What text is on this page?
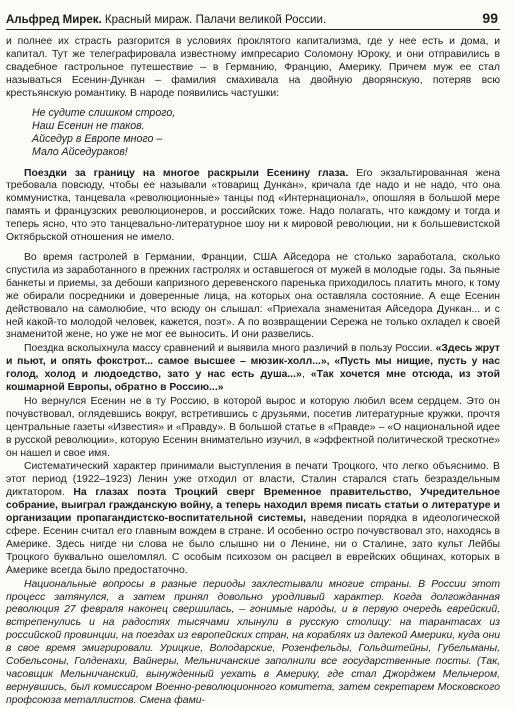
Альфред Мирек. Красный мираж. Палачи великой России.	99

и полнее их страсть разгорится в условиях проклятого капитализма, где у нее есть и дома, и капитал. Тут же телеграфировала известному импресарио Соломону Юроку, и они отправились в свадебное гастрольное путешествие – в Германию, Францию, Америку. Причем муж ее стал называться Есенин-Дункан – фамилия смахивала на двойную дворянскую, потеряв всю крестьянскую романтику. В народе появились частушки:

Не судите слишком строго,
Наш Есенин не таков.
Айседур в Европе много –
Мало Айседураков!

Поездки за границу на многое раскрыли Есенину глаза. Его экзальтированная жена требовала повсюду, чтобы ее называли «товарищ Дункан», кричала где надо и не надо, что она коммунистка, танцевала «революционные» танцы под «Интернационал», опошляя в большой мере память и французских революционеров, и российских тоже. Надо полагать, что каждому и тогда и теперь ясно, что это танцевально-литературное шоу ни к мировой революции, ни к большевистской Октябрьской отношения не имело.

Во время гастролей в Германии, Франции, США Айседора не столько заработала, сколько спустила из заработанного в прежних гастролях и оставшегося от мужей в молодые годы. За пьяные банкеты и приемы, за дебоши капризного деревенского паренька приходилось платить много, к тому же обирали посредники и доверенные лица, на которых она оставляла состояние. А еще Есенин действовало на самолюбие, что всюду он слышал: «Приехала знаменитая Айседора Дункан... и с ней какой-то молодой человек, кажется, поэт». А по возвращении Сережа не только охладел к своей знаменитой жене, но уже не мог ее выносить. И они развелись.

Поездка всколыхнула массу сравнений и выявила много различий в пользу России. «Здесь жрут и пьют, и опять фокстрот... самое высшее – мюзик-холл...», «Пусть мы нищие, пусть у нас голод, холод и людоедство, зато у нас есть душа...», «Так хочется мне отсюда, из этой кошмарной Европы, обратно в Россию...»

Но вернулся Есенин не в ту Россию, в которой вырос и которую любил всем сердцем. Это он почувствовал, оглядевшись вокруг, встретившись с друзьями, посетив литературные кружки, прочтя центральные газеты «Известия» и «Правду». В большой статье в «Правде» – «О национальной идее в русской революции», которую Есенин внимательно изучил, в «эффектной политической трескотне» он нашел и свое имя.

Систематический характер принимали выступления в печати Троцкого, что легко объяснимо. В этот период (1922–1923) Ленин уже отходил от власти, Сталин старался стать безраздельным диктатором. На глазах поэта Троцкий сверг Временное правительство, Учредительное собрание, выиграл гражданскую войну, а теперь находил время писать статьи о литературе и организации пропагандистско-воспитательной системы, наведении порядка в идеологической сфере. Есенин считал его главным вождем в стране. И особенно остро почувствовал это, находясь в Америке. Здесь нигде ни слова не было слышно ни о Ленине, ни о Сталине, зато культ Лейбы Троцкого буквально ошеломлял. С особым психозом он расцвел в еврейских общинах, которых в Америке всегда было предостаточно.

Национальные вопросы в разные периоды захлестывали многие страны. В России этот процесс затянулся, а затем принял довольно уродливый характер. Когда долгожданная революция 27 февраля наконец свершилась, – гонимые народы, и в первую очередь еврейский, встрепенулись и на радостях тысячами хлынули в русскую столицу: на тарантасах из российской провинции, на поездах из европейских стран, на кораблях из далекой Америки, куда они в свое время эмигрировали. Урицкие, Володарские, Розенфельды, Гольдштейны, Губельманы, Собельсоны, Голденахи, Вайнеры, Мельничанские заполнили все государственные посты. (Так, часовщик Мельничанский, вынужденный уехать в Америку, где стал Джорджем Мельчером, вернувшись, был комиссаром Военно-революционного комитета, затем секретарем Московского профсоюза металлистов. Смена фами-
